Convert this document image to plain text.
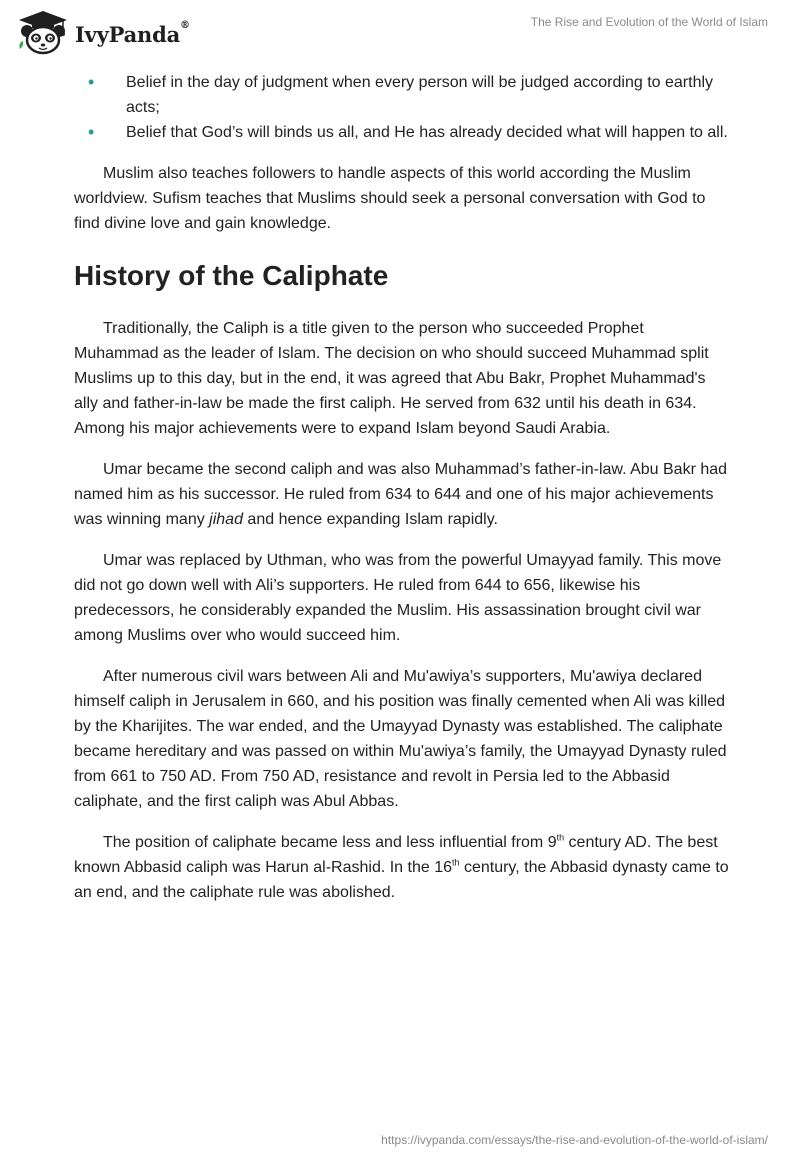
IvyPanda®	The Rise and Evolution of the World of Islam
• Belief in the day of judgment when every person will be judged according to earthly acts;
• Belief that God’s will binds us all, and He has already decided what will happen to all.

Muslim also teaches followers to handle aspects of this world according the Muslim worldview. Sufism teaches that Muslims should seek a personal conversation with God to find divine love and gain knowledge.

History of the Caliphate

Traditionally, the Caliph is a title given to the person who succeeded Prophet Muhammad as the leader of Islam. The decision on who should succeed Muhammad split Muslims up to this day, but in the end, it was agreed that Abu Bakr, Prophet Muhammad's ally and father-in-law be made the first caliph. He served from 632 until his death in 634. Among his major achievements were to expand Islam beyond Saudi Arabia.

Umar became the second caliph and was also Muhammad’s father-in-law. Abu Bakr had named him as his successor. He ruled from 634 to 644 and one of his major achievements was winning many jihad and hence expanding Islam rapidly.

Umar was replaced by Uthman, who was from the powerful Umayyad family. This move did not go down well with Ali’s supporters. He ruled from 644 to 656, likewise his predecessors, he considerably expanded the Muslim. His assassination brought civil war among Muslims over who would succeed him.

After numerous civil wars between Ali and Mu'awiya’s supporters, Mu'awiya declared himself caliph in Jerusalem in 660, and his position was finally cemented when Ali was killed by the Kharijites. The war ended, and the Umayyad Dynasty was established. The caliphate became hereditary and was passed on within Mu'awiya’s family, the Umayyad Dynasty ruled from 661 to 750 AD. From 750 AD, resistance and revolt in Persia led to the Abbasid caliphate, and the first caliph was Abul Abbas.

The position of caliphate became less and less influential from 9th century AD. The best known Abbasid caliph was Harun al-Rashid. In the 16th century, the Abbasid dynasty came to an end, and the caliphate rule was abolished.

https://ivypanda.com/essays/the-rise-and-evolution-of-the-world-of-islam/
